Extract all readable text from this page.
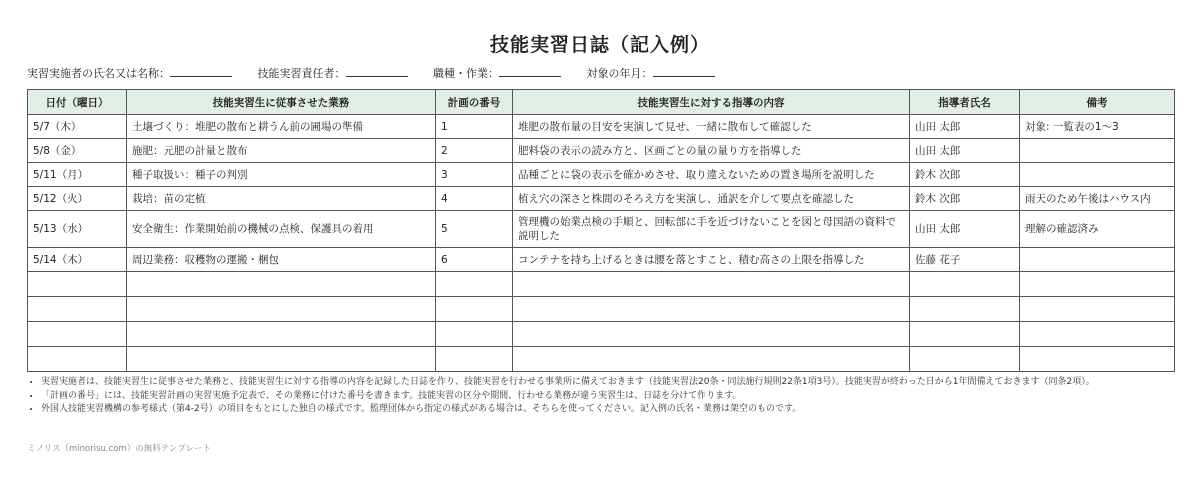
技能実習日誌（記入例）
実習実施者の氏名又は名称：	技能実習責任者：	職種・作業：	対象の年月：
日付（曜日）	技能実習生に従事させた業務	計画の番号	技能実習生に対する指導の内容	指導者氏名	備考
5/7（木）	土壌づくり：堆肥の散布と耕うん前の圃場の準備	1	堆肥の散布量の目安を実演して見せ、一緒に散布して確認した	山田 太郎	対象: 一覧表の1〜3
5/8（金）	施肥：元肥の計量と散布	2	肥料袋の表示の読み方と、区画ごとの量の量り方を指導した	山田 太郎	
5/11（月）	種子取扱い：種子の判別	3	品種ごとに袋の表示を確かめさせ、取り違えないための置き場所を説明した	鈴木 次郎	
5/12（火）	栽培：苗の定植	4	植え穴の深さと株間のそろえ方を実演し、通訳を介して要点を確認した	鈴木 次郎	雨天のため午後はハウス内
5/13（水）	安全衛生：作業開始前の機械の点検、保護具の着用	5	管理機の始業点検の手順と、回転部に手を近づけないことを図と母国語の資料で説明した	山田 太郎	理解の確認済み
5/14（木）	周辺業務：収穫物の運搬・梱包	6	コンテナを持ち上げるときは腰を落とすこと、積む高さの上限を指導した	佐藤 花子	

• 実習実施者は、技能実習生に従事させた業務と、技能実習生に対する指導の内容を記録した日誌を作り、技能実習を行わせる事業所に備えておきます（技能実習法20条・同法施行規則22条1項3号）。技能実習が終わった日から1年間備えておきます（同条2項）。
• 「計画の番号」には、技能実習計画の実習実施予定表で、その業務に付けた番号を書きます。技能実習の区分や期間、行わせる業務が違う実習生は、日誌を分けて作ります。
• 外国人技能実習機構の参考様式（第4-2号）の項目をもとにした独自の様式です。監理団体から指定の様式がある場合は、そちらを使ってください。記入例の氏名・業務は架空のものです。
ミノリス（minorisu.com）の無料テンプレート
